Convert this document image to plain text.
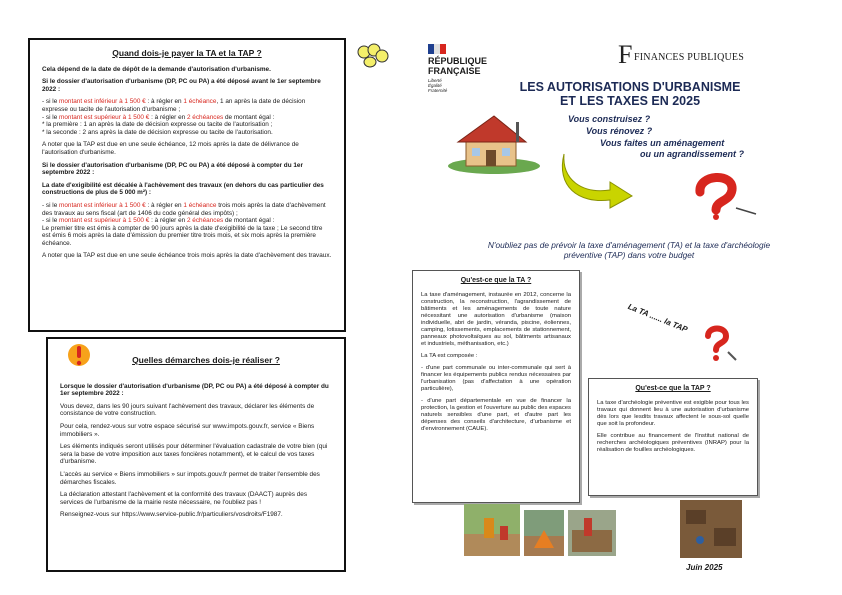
Quand dois-je payer la TA et la TAP ?

Cela dépend de la date de dépôt de la demande d'autorisation d'urbanisme.

Si le dossier d'autorisation d'urbanisme (DP, PC ou PA) a été déposé avant le 1er septembre 2022 :

- si le montant est inférieur à 1 500 € : à régler en 1 échéance, 1 an après la date de décision expresse ou tacite de l'autorisation d'urbanisme ;
- si le montant est supérieur à 1 500 € : à régler en 2 échéances de montant égal :
* la première : 1 an après la date de décision expresse ou tacite de l'autorisation ;

* la seconde : 2 ans après la date de décision expresse ou tacite de l'autorisation.

A noter que la TAP est due en une seule échéance, 12 mois après la date de délivrance de l'autorisation d'urbanisme.

Si le dossier d'autorisation d'urbanisme (DP, PC ou PA) a été déposé à compter du 1er septembre 2022 :

La date d'exigibilité est décalée à l'achèvement des travaux (en dehors du cas particulier des constructions de plus de 5 000 m²) :

- si le montant est inférieur à 1 500 € : à régler en 1 échéance trois mois après la date d'achèvement des travaux au sens fiscal (art de 1406 du code général des impôts) ;
- si le montant est supérieur à 1 500 € : à régler en 2 échéances de montant égal :

Le premier titre est émis à compter de 90 jours après la date d'exigibilité de la taxe ; Le second titre est émis 6 mois après la date d'émission du premier titre trois mois, et six mois après la première échéance.

A noter que la TAP est due en une seule échéance trois mois après la date d'achèvement des travaux.

Quelles démarches dois-je réaliser ?

Lorsque le dossier d'autorisation d'urbanisme (DP, PC ou PA) a été déposé à compter du 1er septembre 2022 :

Vous devez, dans les 90 jours suivant l'achèvement des travaux, déclarer les éléments de consistance de votre construction.

Pour cela, rendez-vous sur votre espace sécurisé sur www.impots.gouv.fr, service « Biens immobiliers ».

Les éléments indiqués seront utilisés pour déterminer l'évaluation cadastrale de votre bien (qui sera la base de votre imposition aux taxes foncières notamment), et le calcul de vos taxes d'urbanisme.

L'accès au service « Biens immobiliers » sur impots.gouv.fr permet de traiter l'ensemble des démarches fiscales.

La déclaration attestant l'achèvement et la conformité des travaux (DAACT) auprès des services de l'urbanisme de la mairie reste nécessaire, ne l'oubliez pas !

Renseignez-vous sur https://www.service-public.fr/particuliers/vosdroits/F1987.

RÉPUBLIQUE
FRANÇAISE
Liberté
Égalité
Fraternité
F FINANCES PUBLIQUES
LES AUTORISATIONS D'URBANISME
ET LES TAXES EN 2025
Vous construisez ?
Vous rénovez ?
Vous faites un aménagement
ou un agrandissement ?
N'oubliez pas de prévoir la taxe d'aménagement (TA) et la taxe d'archéologie préventive (TAP) dans votre budget
Qu'est-ce que la TA ?

La taxe d'aménagement, instaurée en 2012, concerne la construction, la reconstruction, l'agrandissement de bâtiments et les aménagements de toute nature nécessitant une autorisation d'urbanisme (maison individuelle, abri de jardin, véranda, piscine, éoliennes, camping, lotissements, emplacements de stationnement, panneaux photovoltaïques au sol, bâtiments artisanaux et industriels, méthanisation, etc.)

La TA est composée :

- d'une part communale ou inter-communale qui sert à financer les équipements publics rendus nécessaires par l'urbanisation (pas d'affectation à une opération particulière),

- d'une part départementale en vue de financer la protection, la gestion et l'ouverture au public des espaces naturels sensibles d'une part, et d'autre part les dépenses des conseils d'architecture, d'urbanisme et d'environnement (CAUE).

La TA ...... la TAP
Qu'est-ce que la TAP ?

La taxe d'archéologie préventive est exigible pour tous les travaux qui donnent lieu à une autorisation d'urbanisme dès lors que lesdits travaux affectent le sous-sol quelle que soit la profondeur.

Elle contribue au financement de l'Institut national de recherches archéologiques préventives (INRAP) pour la réalisation de fouilles archéologiques.

Juin 2025
